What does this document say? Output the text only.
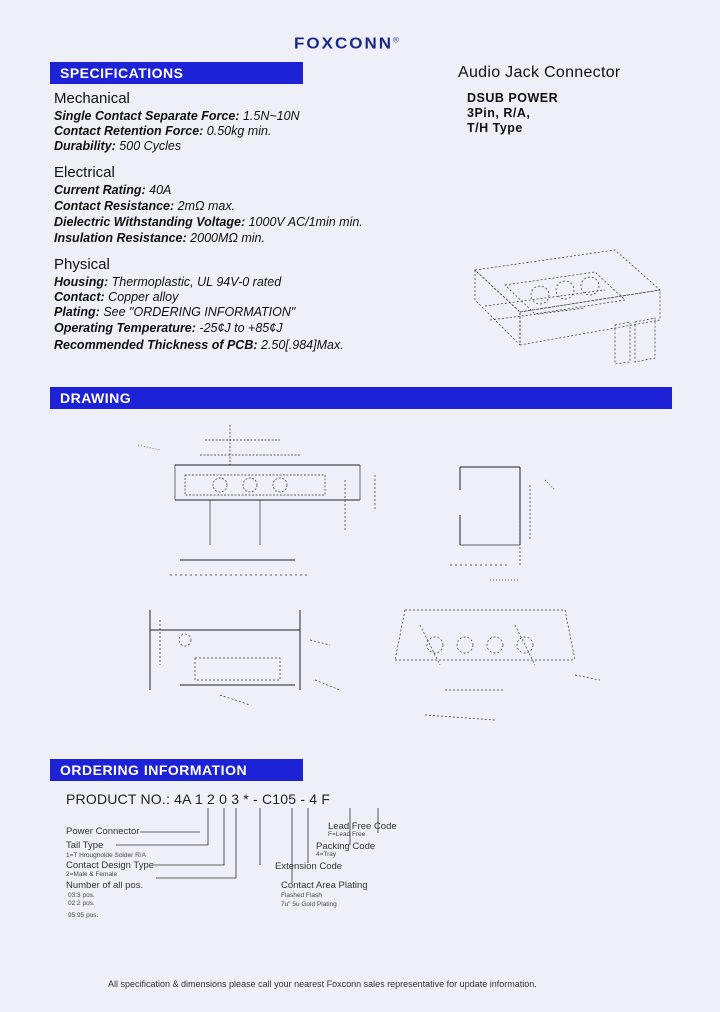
FOXCONN®
SPECIFICATIONS	Audio Jack Connector
DSUB POWER
3Pin, R/A,
T/H Type
Mechanical
Single Contact Separate Force: 1.5N~10N
Contact Retention Force: 0.50kg min.
Durability: 500 Cycles
Electrical
Current Rating: 40A
Contact Resistance: 2mΩ max.
Dielectric Withstanding Voltage: 1000V AC/1min min.
Insulation Resistance: 2000MΩ min.
Physical
Housing: Thermoplastic, UL 94V-0 rated
Contact: Copper alloy
Plating: See "ORDERING INFORMATION"
Operating Temperature: -25¢J to +85¢J
Recommended Thickness of PCB: 2.50[.984]Max.
DRAWING
ORDERING INFORMATION
PRODUCT NO.: 4A 1 2 0 3 * - C105 - 4 F
Power Connector
Tail Type
1=T Hrougholde Solder R/A
Contact Design Type
2=Male & Female
Number of all pos.
03:3 pos.
02:2 pos.
95:95 pos.
Lead Free Code
F=Lead Free
Packing Code
4=Tray
Extension Code
Contact Area Plating
Flashed Flash
7u" 5u Gold Plating
All specification & dimensions please call your nearest Foxconn sales representative for update information.
